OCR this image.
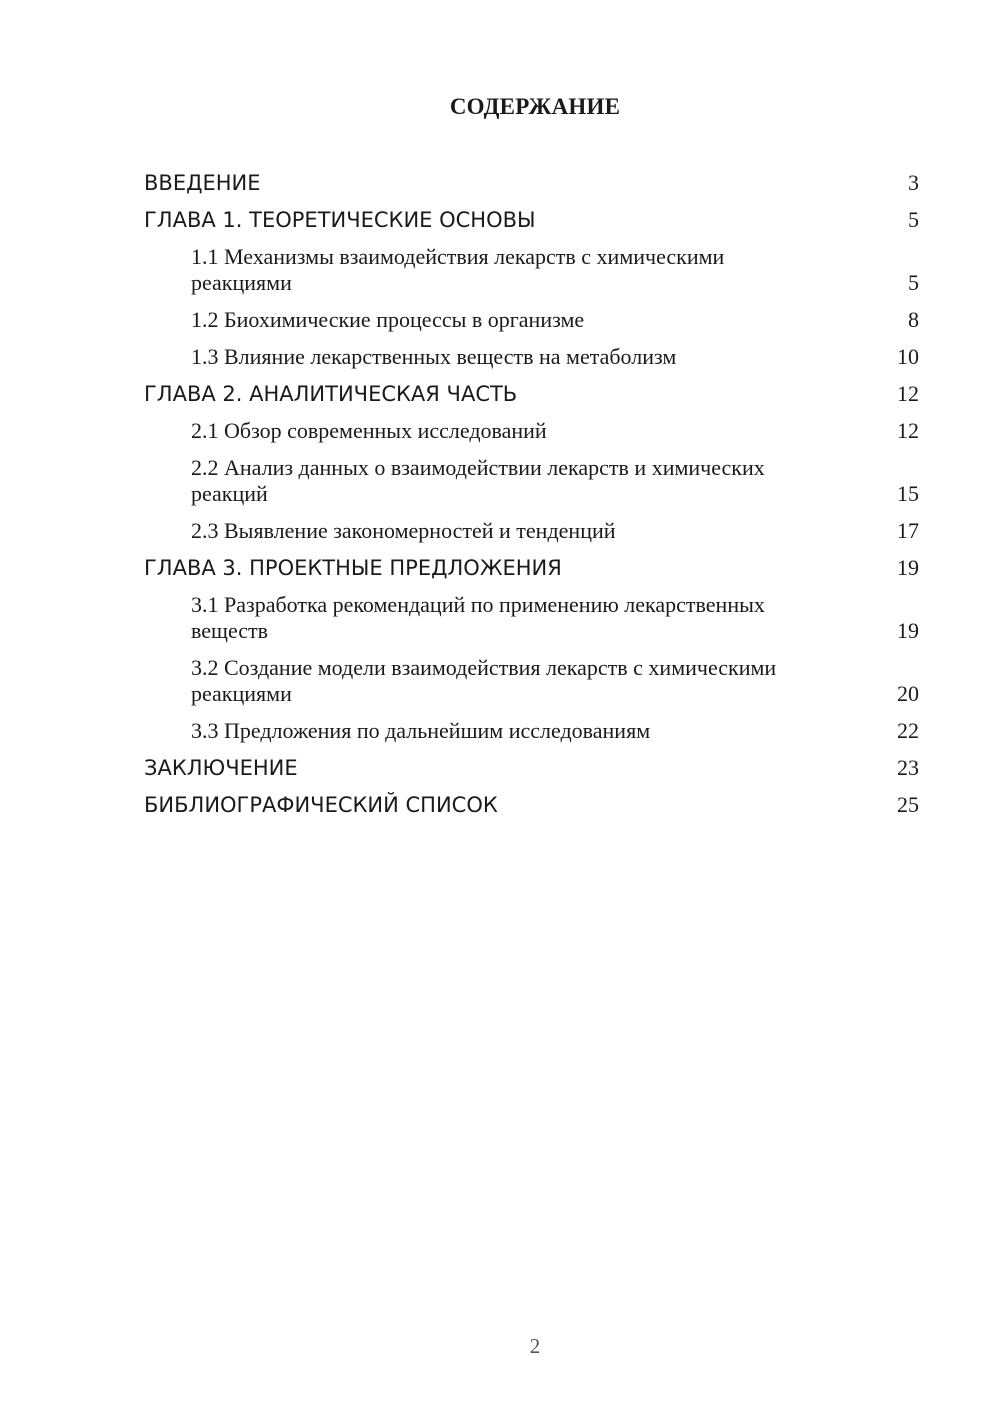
СОДЕРЖАНИЕ
ВВЕДЕНИЕ	3
ГЛАВА 1. ТЕОРЕТИЧЕСКИЕ ОСНОВЫ	5
1.1 Механизмы взаимодействия лекарств с химическими реакциями	5
1.2 Биохимические процессы в организме	8
1.3 Влияние лекарственных веществ на метаболизм	10
ГЛАВА 2. АНАЛИТИЧЕСКАЯ ЧАСТЬ	12
2.1 Обзор современных исследований	12
2.2 Анализ данных о взаимодействии лекарств и химических реакций	15
2.3 Выявление закономерностей и тенденций	17
ГЛАВА 3. ПРОЕКТНЫЕ ПРЕДЛОЖЕНИЯ	19
3.1 Разработка рекомендаций по применению лекарственных веществ	19
3.2 Создание модели взаимодействия лекарств с химическими реакциями	20
3.3 Предложения по дальнейшим исследованиям	22
ЗАКЛЮЧЕНИЕ	23
БИБЛИОГРАФИЧЕСКИЙ СПИСОК	25
2
